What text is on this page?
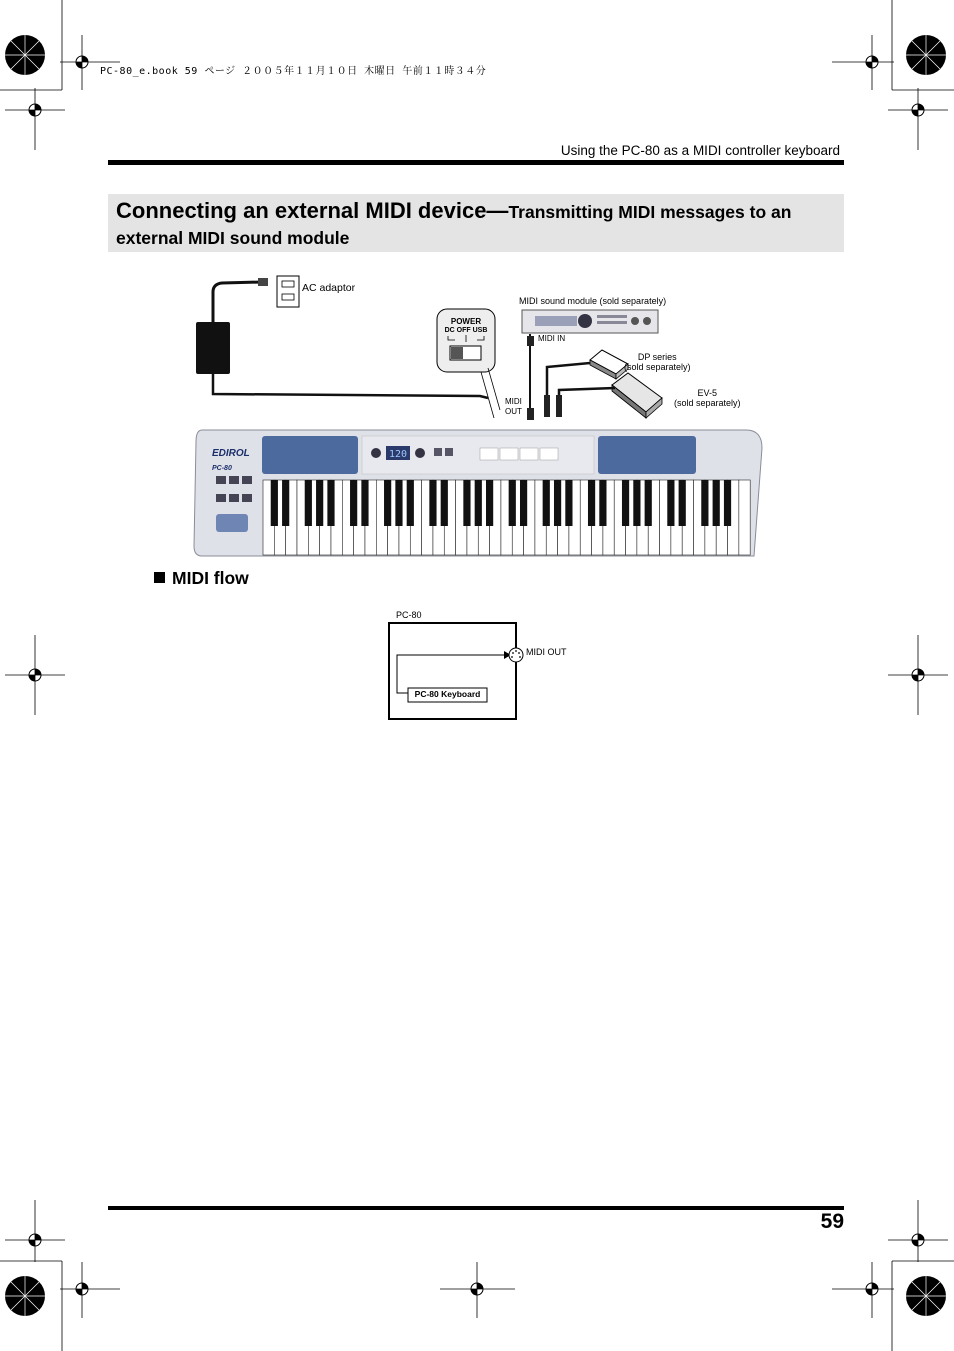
PC-80_e.book 59 ページ ２００５年１１月１０日 木曜日 午前１１時３４分
Using the PC-80 as a MIDI controller keyboard
Connecting an external MIDI device—Transmitting MIDI messages to an external MIDI sound module
POWER
DC OFF USB
120
EDIROL
PC-80
AC adaptor
MIDI sound module (sold separately)
MIDI IN
DP series
(sold separately)
EV-5
(sold separately)
MIDI
OUT
MIDI flow
PC-80
MIDI OUT
PC-80 Keyboard
59
